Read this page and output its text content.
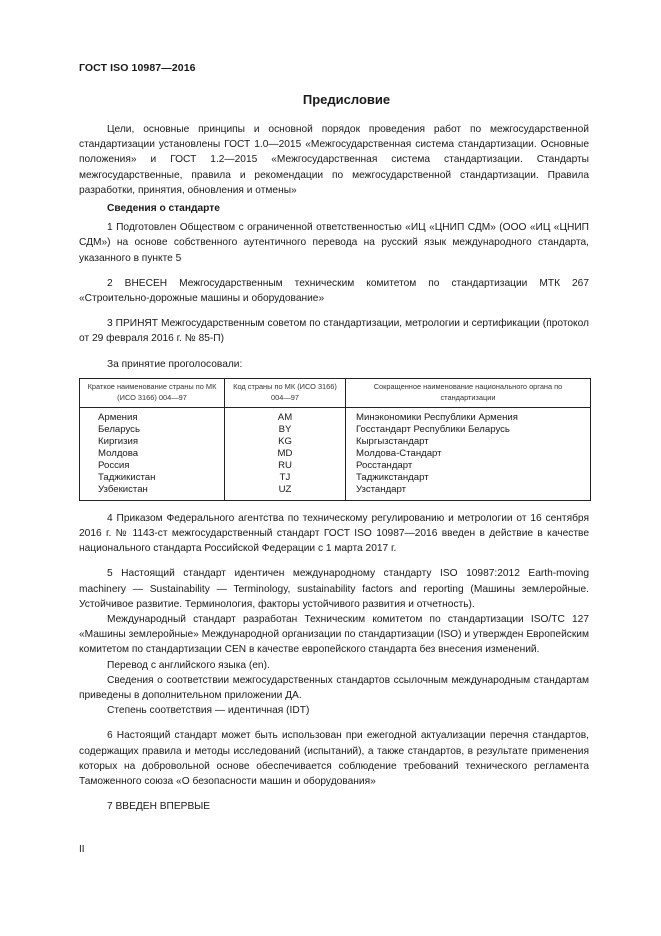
ГОСТ ISO 10987—2016
Предисловие

Цели, основные принципы и основной порядок проведения работ по межгосударственной стандартизации установлены ГОСТ 1.0—2015 «Межгосударственная система стандартизации. Основные положения» и ГОСТ 1.2—2015 «Межгосударственная система стандартизации. Стандарты межгосударственные, правила и рекомендации по межгосударственной стандартизации. Правила разработки, принятия, обновления и отмены»

Сведения о стандарте

1 Подготовлен Обществом с ограниченной ответственностью «ИЦ «ЦНИП СДМ» (ООО «ИЦ «ЦНИП СДМ») на основе собственного аутентичного перевода на русский язык международного стандарта, указанного в пункте 5

2 ВНЕСЕН Межгосударственным техническим комитетом по стандартизации МТК 267 «Строительно-дорожные машины и оборудование»

3 ПРИНЯТ Межгосударственным советом по стандартизации, метрологии и сертификации (протокол от 29 февраля 2016 г. № 85-П)

За принятие проголосовали:

Краткое наименование страны по МК (ИСО 3166) 004—97	Код страны по МК (ИСО 3166) 004—97	Сокращенное наименование национального органа по стандартизации
Армения	AM	Минэкономики Республики Армения
Беларусь	BY	Госстандарт Республики Беларусь
Киргизия	KG	Кыргызстандарт
Молдова	MD	Молдова-Стандарт
Россия	RU	Росстандарт
Таджикистан	TJ	Таджикстандарт
Узбекистан	UZ	Узстандарт

4 Приказом Федерального агентства по техническому регулированию и метрологии от 16 сентября 2016 г. № 1143-ст межгосударственный стандарт ГОСТ ISO 10987—2016 введен в действие в качестве национального стандарта Российской Федерации с 1 марта 2017 г.

5 Настоящий стандарт идентичен международному стандарту ISO 10987:2012 Earth-moving machinery — Sustainability — Terminology, sustainability factors and reporting (Машины землеройные. Устойчивое развитие. Терминология, факторы устойчивого развития и отчетность).

Международный стандарт разработан Техническим комитетом по стандартизации ISO/TC 127 «Машины землеройные» Международной организации по стандартизации (ISO) и утвержден Европейским комитетом по стандартизации CEN в качестве европейского стандарта без внесения изменений.

Перевод с английского языка (en).

Сведения о соответствии межгосударственных стандартов ссылочным международным стандартам приведены в дополнительном приложении ДА.

Степень соответствия — идентичная (IDT)

6 Настоящий стандарт может быть использован при ежегодной актуализации перечня стандартов, содержащих правила и методы исследований (испытаний), а также стандартов, в результате применения которых на добровольной основе обеспечивается соблюдение требований технического регламента Таможенного союза «О безопасности машин и оборудования»

7 ВВЕДЕН ВПЕРВЫЕ

II
